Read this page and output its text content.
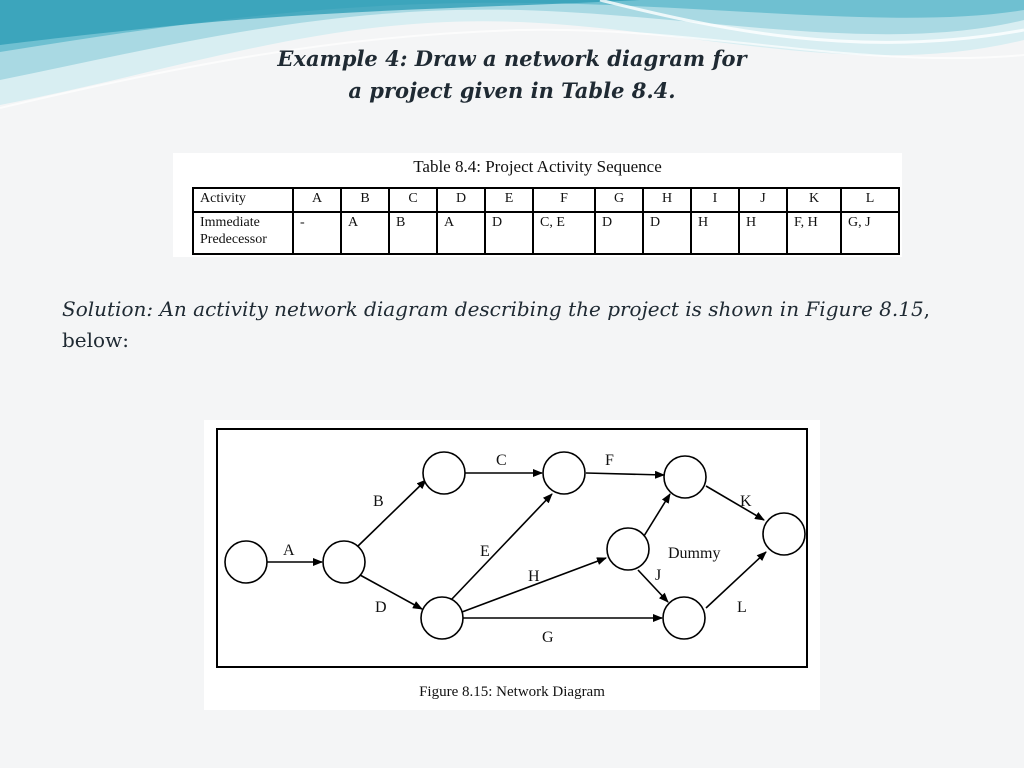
Example 4: Draw a network diagram for
a project given in Table 8.4.
Table 8.4: Project Activity Sequence
Activity	A	B	C	D	E	F	G	H	I	J	K	L
Immediate Predecessor	-	A	B	A	D	C, E	D	D	H	H	F, H	G, J

Solution: An activity network diagram describing the project is shown in Figure 8.15, below:

A
B
D
C
E
F
H
G
Dummy
J
K
L
Figure 8.15: Network Diagram
